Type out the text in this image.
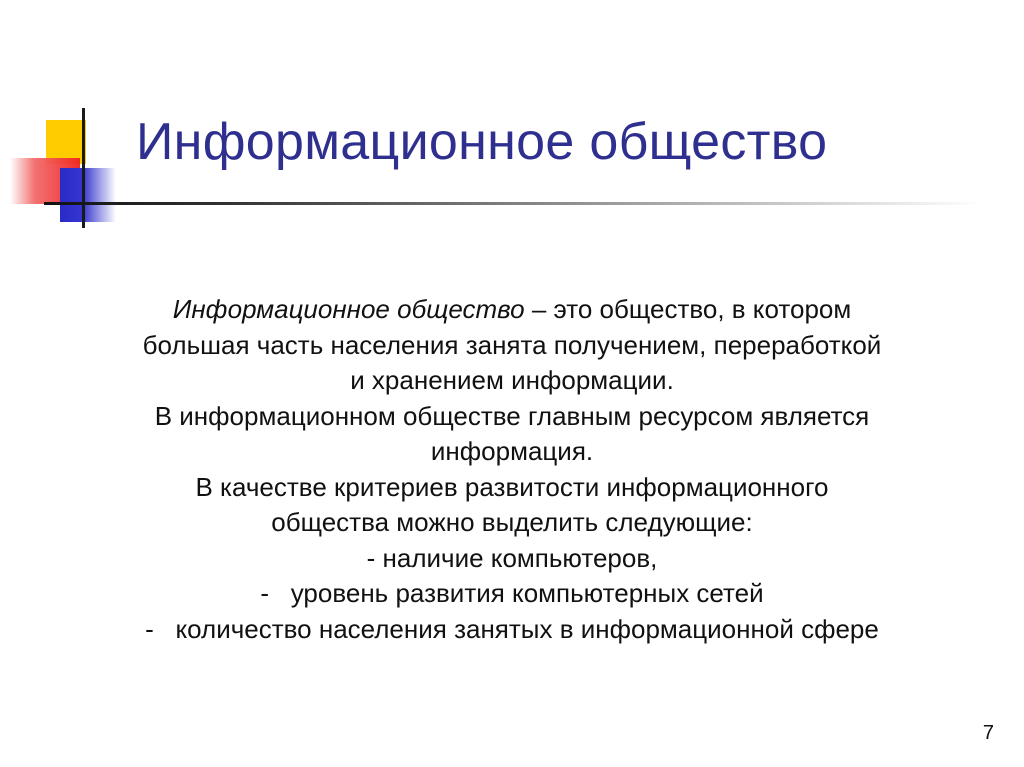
Информационное общество

Информационное общество – это общество, в котором

большая часть населения занята получением, переработкой

и хранением информации.

В информационном обществе главным ресурсом является

информация.

В качестве критериев развитости информационного

общества можно выделить следующие:

- наличие компьютеров,

-   уровень развития компьютерных сетей

-   количество населения занятых в информационной сфере

7
